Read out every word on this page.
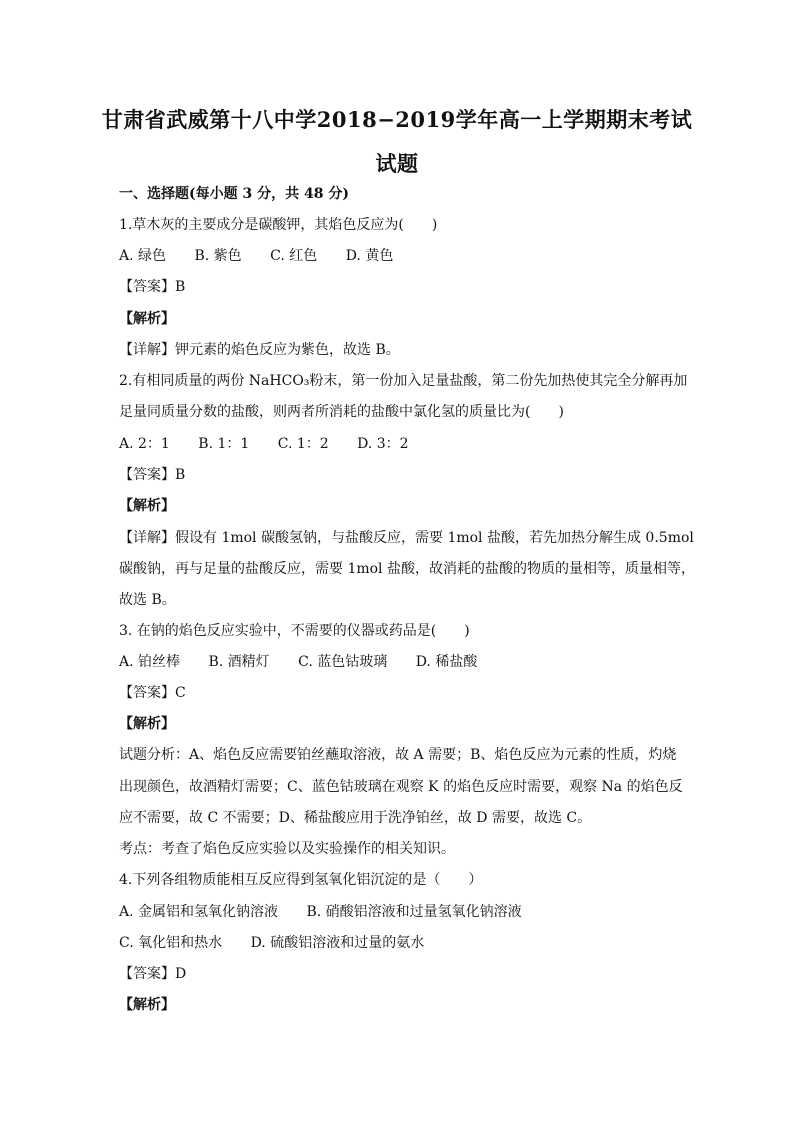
甘肃省武威第十八中学2018−2019学年高一上学期期末考试
试题
一、选择题(每小题 3 分，共 48 分)
1.草木灰的主要成分是碳酸钾，其焰色反应为(　　)
A. 绿色 B. 紫色 C. 红色 D. 黄色
【答案】B
【解析】
【详解】钾元素的焰色反应为紫色，故选 B。
2.有相同质量的两份 NaHCO₃粉末，第一份加入足量盐酸，第二份先加热使其完全分解再加
足量同质量分数的盐酸，则两者所消耗的盐酸中氯化氢的质量比为(　　)
A. 2：1 B. 1：1 C. 1：2 D. 3：2
【答案】B
【解析】
【详解】假设有 1mol 碳酸氢钠，与盐酸反应，需要 1mol 盐酸，若先加热分解生成 0.5mol
碳酸钠，再与足量的盐酸反应，需要 1mol 盐酸，故消耗的盐酸的物质的量相等，质量相等，
故选 B。
3. 在钠的焰色反应实验中，不需要的仪器或药品是(　　)
A. 铂丝棒 B. 酒精灯 C. 蓝色钴玻璃 D. 稀盐酸
【答案】C
【解析】
试题分析：A、焰色反应需要铂丝蘸取溶液，故 A 需要；B、焰色反应为元素的性质，灼烧
出现颜色，故酒精灯需要；C、蓝色钴玻璃在观察 K 的焰色反应时需要，观察 Na 的焰色反
应不需要，故 C 不需要；D、稀盐酸应用于洗净铂丝，故 D 需要，故选 C。
考点：考查了焰色反应实验以及实验操作的相关知识。
4.下列各组物质能相互反应得到氢氧化铝沉淀的是（　　）
A. 金属铝和氢氧化钠溶液 B. 硝酸铝溶液和过量氢氧化钠溶液
C. 氧化铝和热水 D. 硫酸铝溶液和过量的氨水
【答案】D
【解析】
